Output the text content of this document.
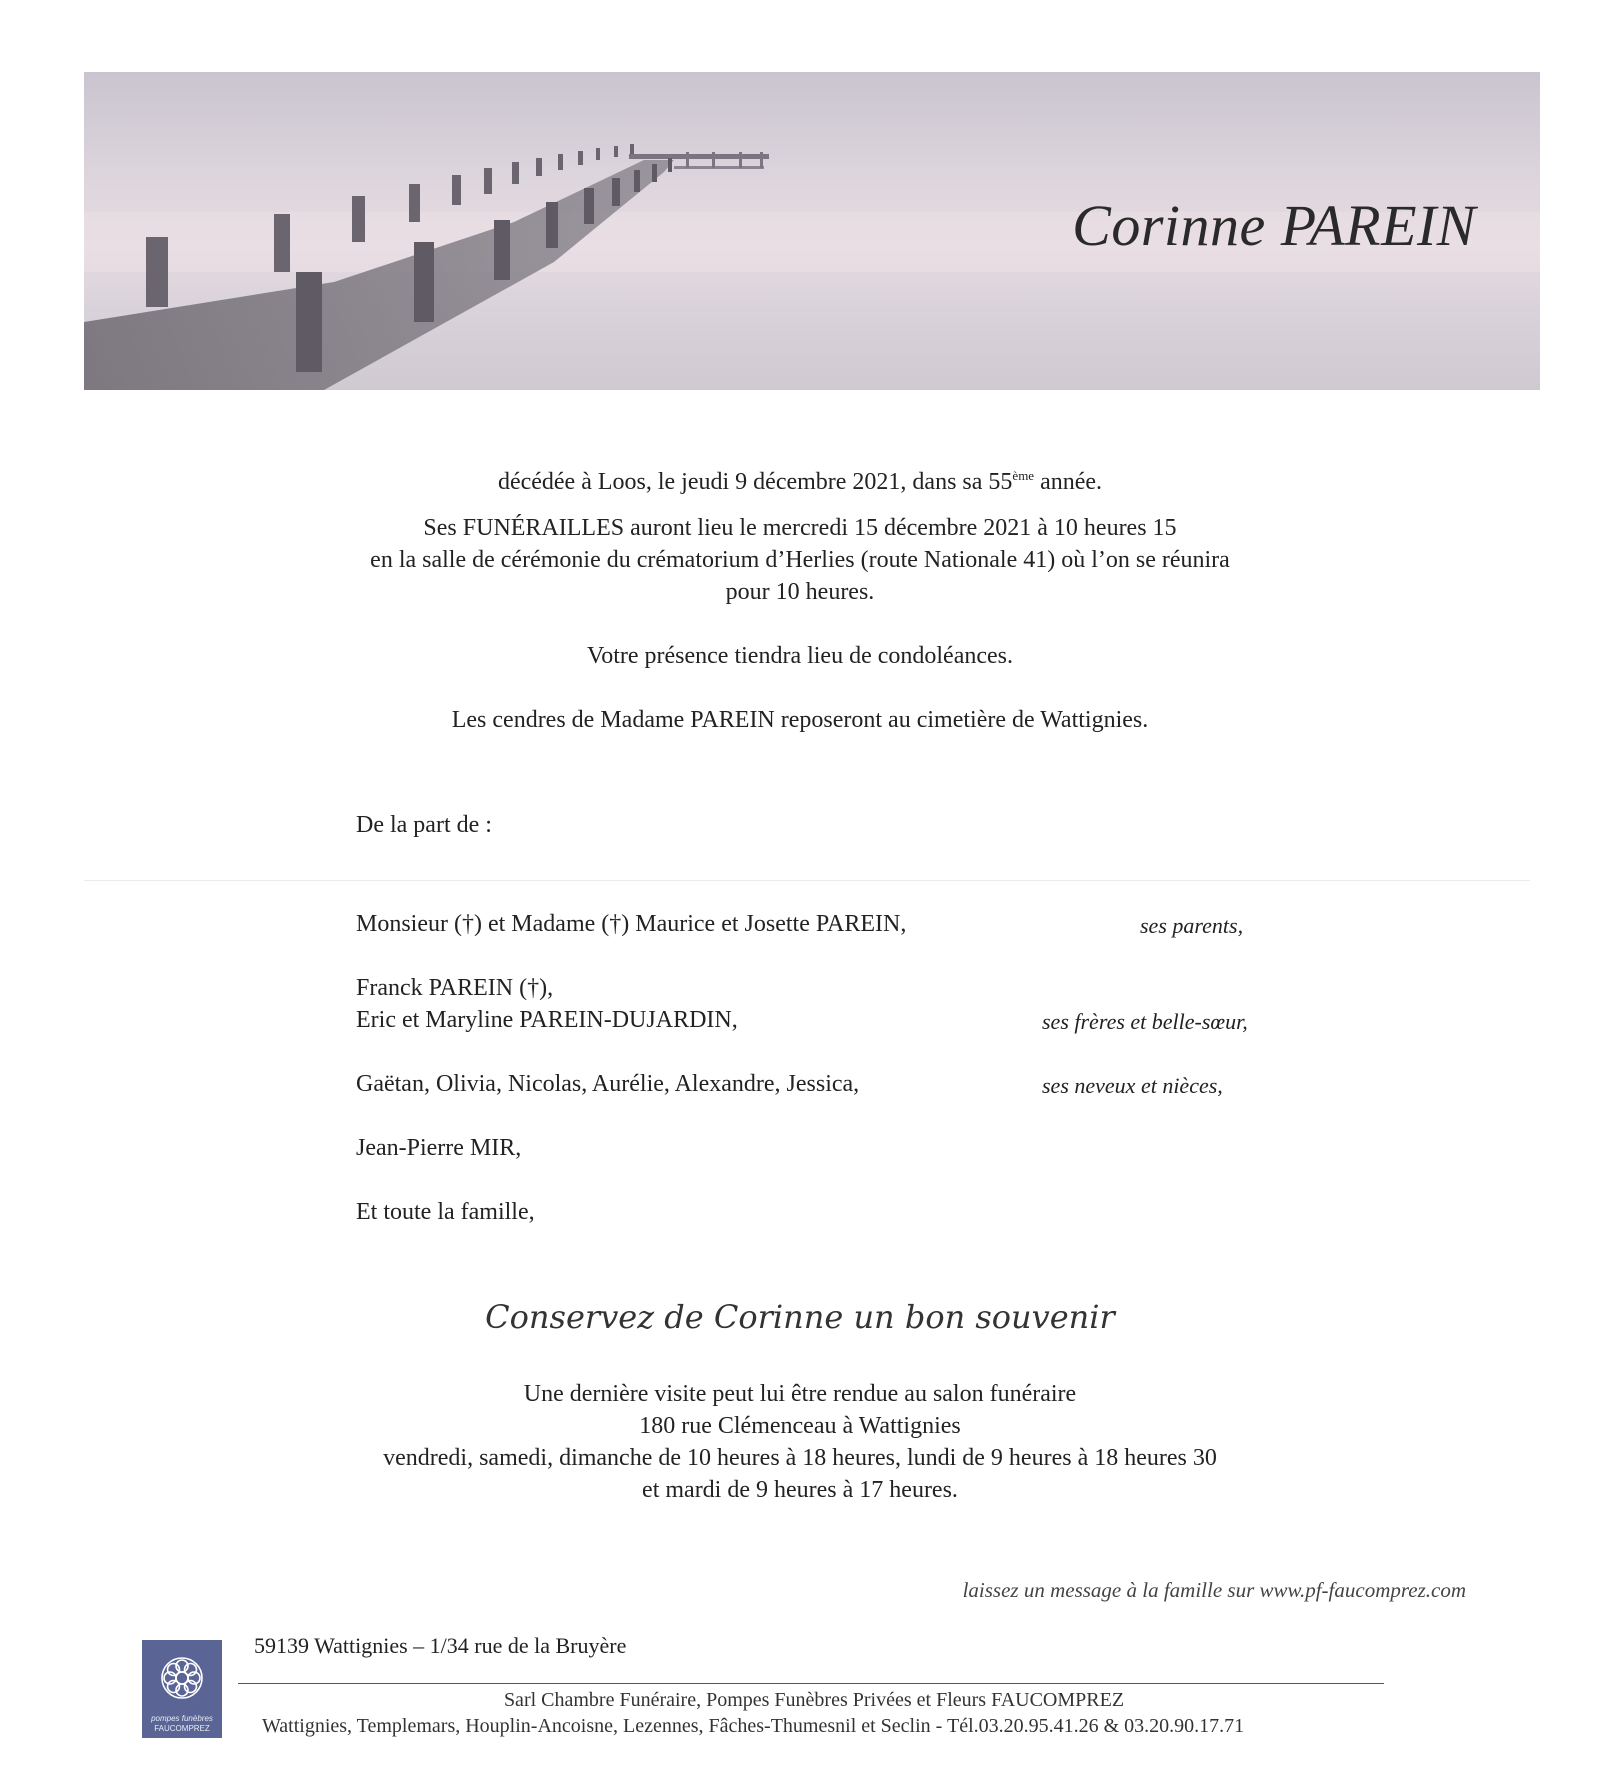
Corinne PAREIN
décédée à Loos, le jeudi 9 décembre 2021, dans sa 55ème année.
Ses FUNÉRAILLES auront lieu le mercredi 15 décembre 2021 à 10 heures 15
en la salle de cérémonie du crématorium d’Herlies (route Nationale 41) où l’on se réunira
pour 10 heures.
Votre présence tiendra lieu de condoléances.
Les cendres de Madame PAREIN reposeront au cimetière de Wattignies.
De la part de :
Monsieur (†) et Madame (†) Maurice et Josette PAREIN,	ses parents,
Franck PAREIN (†),
Eric et Maryline PAREIN-DUJARDIN,	ses frères et belle-sœur,
Gaëtan, Olivia, Nicolas, Aurélie, Alexandre, Jessica,	ses neveux et nièces,
Jean-Pierre MIR,
Et toute la famille,
Conservez de Corinne un bon souvenir
Une dernière visite peut lui être rendue au salon funéraire
180 rue Clémenceau à Wattignies
vendredi, samedi, dimanche de 10 heures à 18 heures, lundi de 9 heures à 18 heures 30
et mardi de 9 heures à 17 heures.
laissez un message à la famille sur www.pf-faucomprez.com
pompes funèbres
FAUCOMPREZ
59139 Wattignies – 1/34 rue de la Bruyère
Sarl Chambre Funéraire, Pompes Funèbres Privées et Fleurs FAUCOMPREZ
Wattignies, Templemars, Houplin-Ancoisne, Lezennes, Fâches-Thumesnil et Seclin - Tél.03.20.95.41.26 & 03.20.90.17.71
